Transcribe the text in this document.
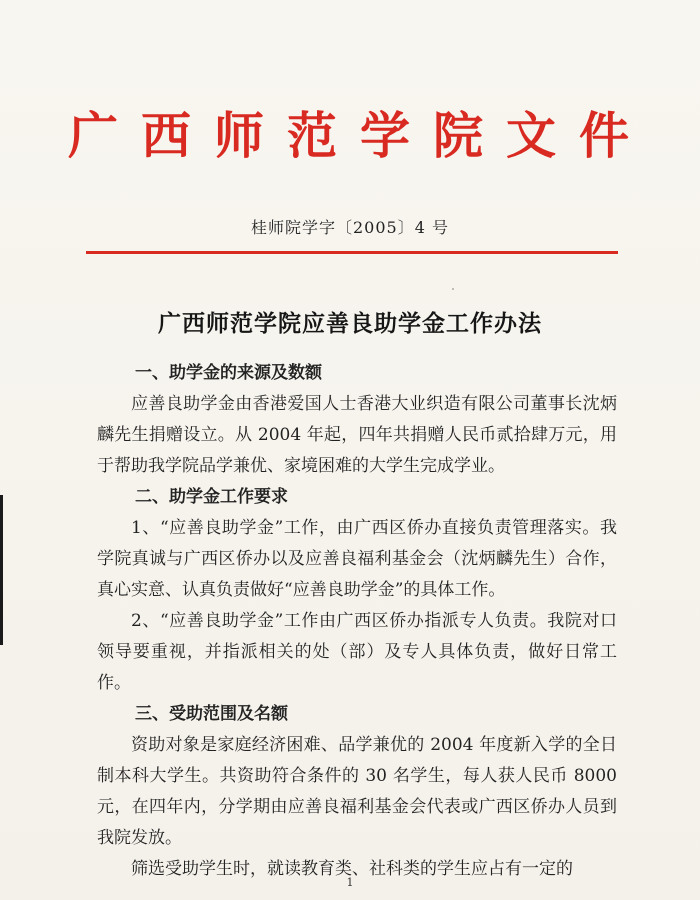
广西师范学院文件
桂师院学字〔2005〕4 号
广西师范学院应善良助学金工作办法

一、助学金的来源及数额

应善良助学金由香港爱国人士香港大业织造有限公司董事长沈炳麟先生捐赠设立。从 2004 年起，四年共捐赠人民币贰拾肆万元，用于帮助我学院品学兼优、家境困难的大学生完成学业。

二、助学金工作要求

1、“应善良助学金”工作，由广西区侨办直接负责管理落实。我学院真诚与广西区侨办以及应善良福利基金会（沈炳麟先生）合作，真心实意、认真负责做好“应善良助学金”的具体工作。

2、“应善良助学金”工作由广西区侨办指派专人负责。我院对口领导要重视，并指派相关的处（部）及专人具体负责，做好日常工作。

三、受助范围及名额

资助对象是家庭经济困难、品学兼优的 2004 年度新入学的全日制本科大学生。共资助符合条件的 30 名学生，每人获人民币 8000 元，在四年内，分学期由应善良福利基金会代表或广西区侨办人员到我院发放。

筛选受助学生时，就读教育类、社科类的学生应占有一定的

1
